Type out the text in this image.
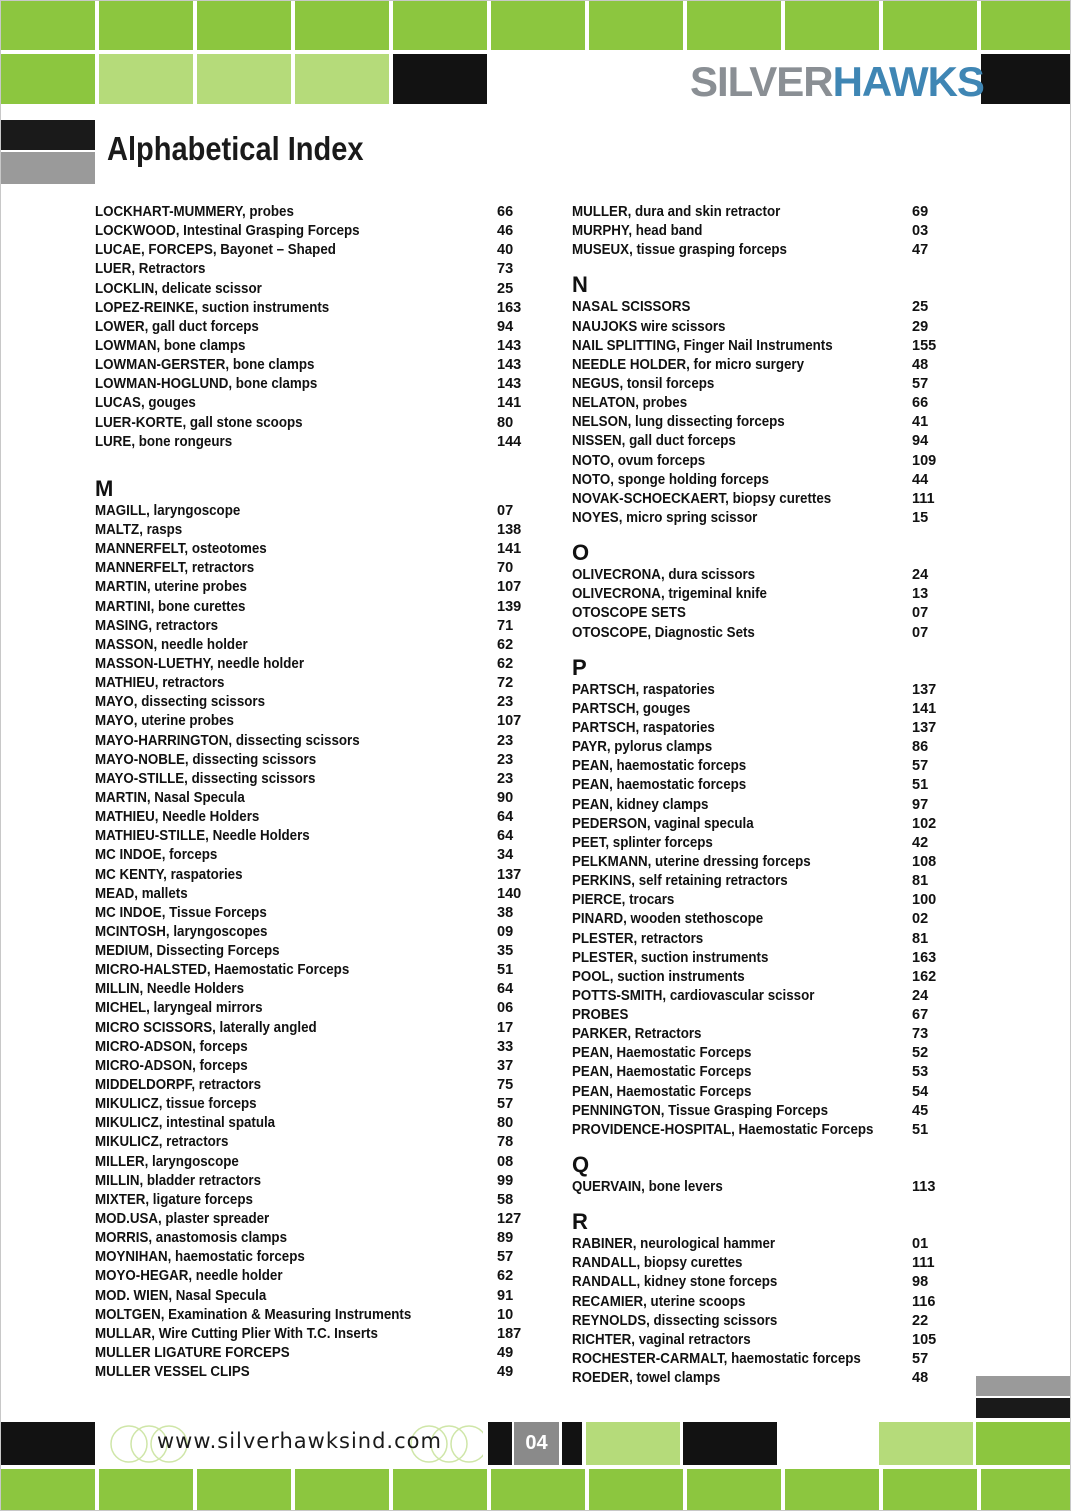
SILVERHAWKS
Alphabetical Index
LOCKHART-MUMMERY, probes	66
LOCKWOOD, Intestinal Grasping Forceps	46
LUCAE, FORCEPS, Bayonet – Shaped	40
LUER, Retractors	73
LOCKLIN, delicate scissor	25
LOPEZ-REINKE, suction instruments	163
LOWER, gall duct forceps	94
LOWMAN, bone clamps	143
LOWMAN-GERSTER, bone clamps	143
LOWMAN-HOGLUND, bone clamps	143
LUCAS, gouges	141
LUER-KORTE, gall stone scoops	80
LURE, bone rongeurs	144
M
MAGILL, laryngoscope	07
MALTZ, rasps	138
MANNERFELT, osteotomes	141
MANNERFELT, retractors	70
MARTIN, uterine probes	107
MARTINI, bone curettes	139
MASING, retractors	71
MASSON, needle holder	62
MASSON-LUETHY, needle holder	62
MATHIEU, retractors	72
MAYO, dissecting scissors	23
MAYO, uterine probes	107
MAYO-HARRINGTON, dissecting scissors	23
MAYO-NOBLE, dissecting scissors	23
MAYO-STILLE, dissecting scissors	23
MARTIN, Nasal Specula	90
MATHIEU, Needle Holders	64
MATHIEU-STILLE, Needle Holders	64
MC INDOE, forceps	34
MC KENTY, raspatories	137
MEAD, mallets	140
MC INDOE, Tissue Forceps	38
MCINTOSH, laryngoscopes	09
MEDIUM, Dissecting Forceps	35
MICRO-HALSTED, Haemostatic Forceps	51
MILLIN, Needle Holders	64
MICHEL, laryngeal mirrors	06
MICRO SCISSORS, laterally angled	17
MICRO-ADSON, forceps	33
MICRO-ADSON, forceps	37
MIDDELDORPF, retractors	75
MIKULICZ, tissue forceps	57
MIKULICZ, intestinal spatula	80
MIKULICZ, retractors	78
MILLER, laryngoscope	08
MILLIN, bladder retractors	99
MIXTER, ligature forceps	58
MOD.USA, plaster spreader	127
MORRIS, anastomosis clamps	89
MOYNIHAN, haemostatic forceps	57
MOYO-HEGAR, needle holder	62
MOD. WIEN, Nasal Specula	91
MOLTGEN, Examination & Measuring Instruments	10
MULLAR, Wire Cutting Plier With T.C. Inserts	187
MULLER LIGATURE FORCEPS	49
MULLER VESSEL CLIPS	49
MULLER, dura and skin retractor	69
MURPHY, head band	03
MUSEUX, tissue grasping forceps	47
N
NASAL SCISSORS	25
NAUJOKS wire scissors	29
NAIL SPLITTING, Finger Nail Instruments	155
NEEDLE HOLDER, for micro surgery	48
NEGUS, tonsil forceps	57
NELATON, probes	66
NELSON, lung dissecting forceps	41
NISSEN, gall duct forceps	94
NOTO, ovum forceps	109
NOTO, sponge holding forceps	44
NOVAK-SCHOECKAERT, biopsy curettes	111
NOYES, micro spring scissor	15
O
OLIVECRONA, dura scissors	24
OLIVECRONA, trigeminal knife	13
OTOSCOPE SETS	07
OTOSCOPE, Diagnostic Sets	07
P
PARTSCH, raspatories	137
PARTSCH, gouges	141
PARTSCH, raspatories	137
PAYR, pylorus clamps	86
PEAN, haemostatic forceps	57
PEAN, haemostatic forceps	51
PEAN, kidney clamps	97
PEDERSON, vaginal specula	102
PEET, splinter forceps	42
PELKMANN, uterine dressing forceps	108
PERKINS, self retaining retractors	81
PIERCE, trocars	100
PINARD, wooden stethoscope	02
PLESTER, retractors	81
PLESTER, suction instruments	163
POOL, suction instruments	162
POTTS-SMITH, cardiovascular scissor	24
PROBES	67
PARKER, Retractors	73
PEAN, Haemostatic Forceps	52
PEAN, Haemostatic Forceps	53
PEAN, Haemostatic Forceps	54
PENNINGTON, Tissue Grasping Forceps	45
PROVIDENCE-HOSPITAL, Haemostatic Forceps	51
Q
QUERVAIN, bone levers	113
R
RABINER, neurological hammer	01
RANDALL, biopsy curettes	111
RANDALL, kidney stone forceps	98
RECAMIER, uterine scoops	116
REYNOLDS, dissecting scissors	22
RICHTER, vaginal retractors	105
ROCHESTER-CARMALT, haemostatic forceps	57
ROEDER, towel clamps	48
www.silverhawksind.com	04
